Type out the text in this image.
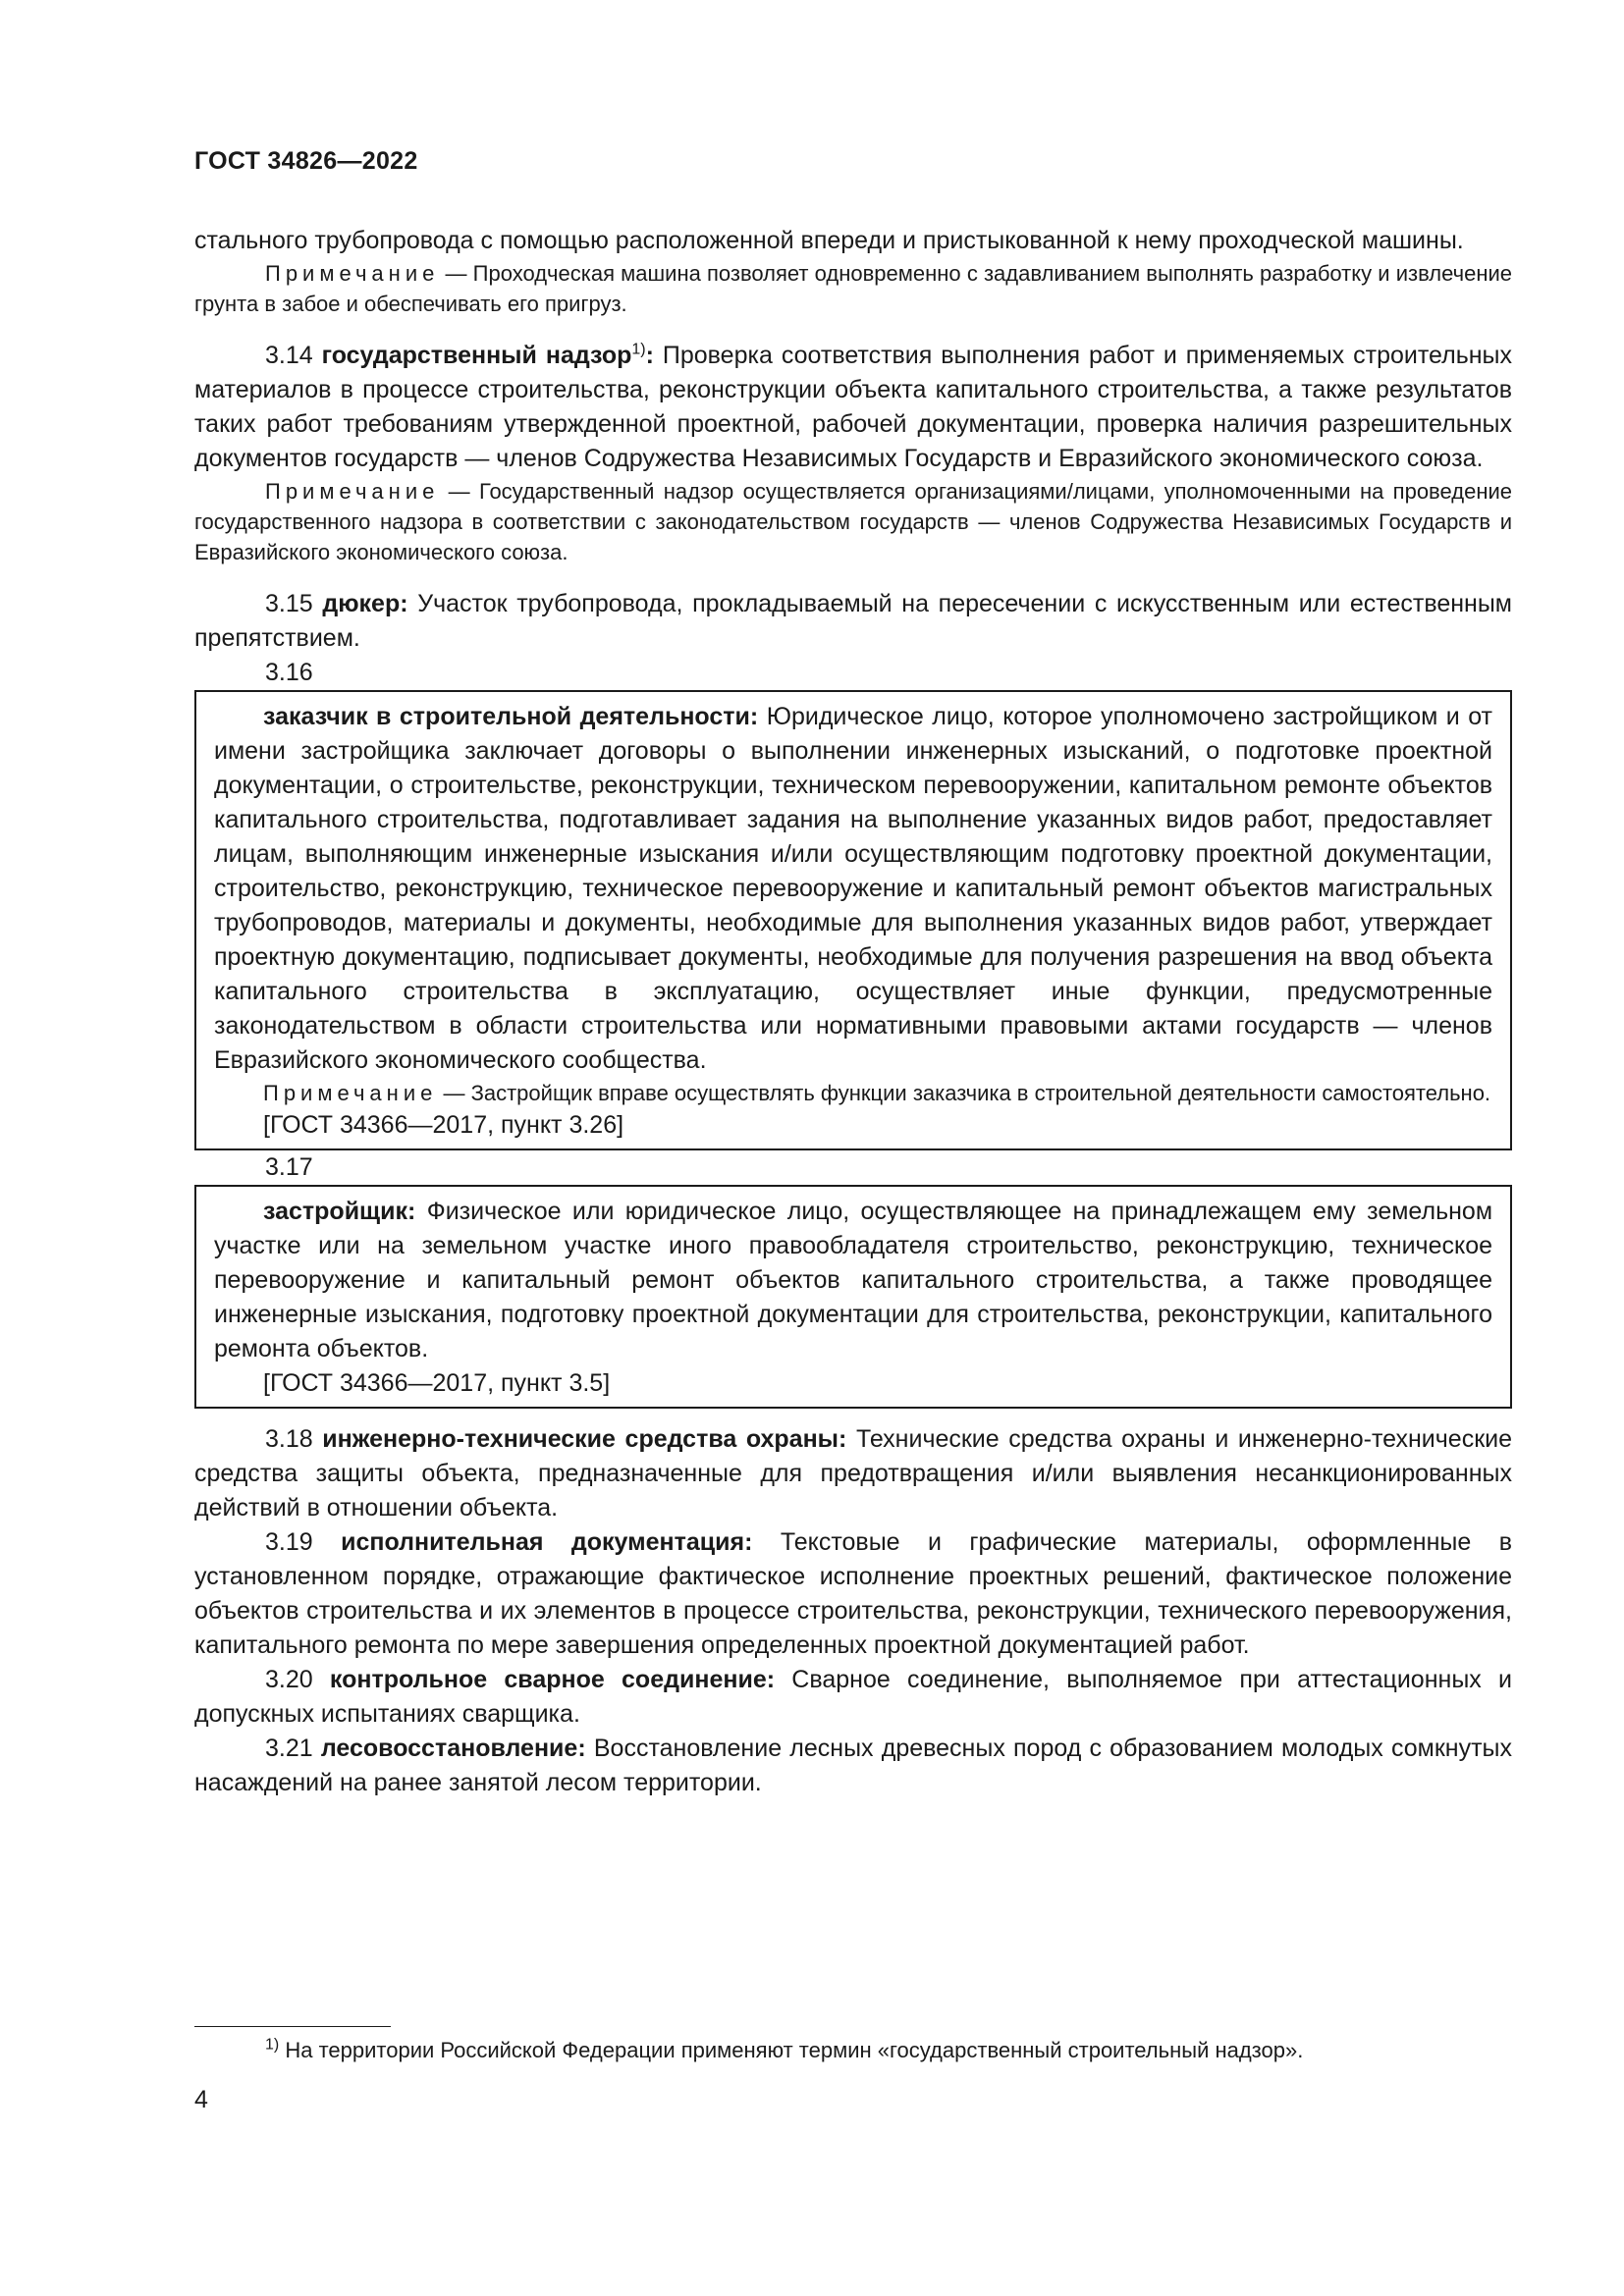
ГОСТ 34826—2022

стального трубопровода с помощью расположенной впереди и пристыкованной к нему проходческой машины.

Примечание — Проходческая машина позволяет одновременно с задавливанием выполнять разработку и извлечение грунта в забое и обеспечивать его пригруз.

3.14 государственный надзор$^{1)}$: Проверка соответствия выполнения работ и применяемых строительных материалов в процессе строительства, реконструкции объекта капитального строительства, а также результатов таких работ требованиям утвержденной проектной, рабочей документации, проверка наличия разрешительных документов государств — членов Содружества Независимых Государств и Евразийского экономического союза.

Примечание — Государственный надзор осуществляется организациями/лицами, уполномоченными на проведение государственного надзора в соответствии с законодательством государств — членов Содружества Независимых Государств и Евразийского экономического союза.

3.15 дюкер: Участок трубопровода, прокладываемый на пересечении с искусственным или естественным препятствием.

3.16

заказчик в строительной деятельности: Юридическое лицо, которое уполномочено застройщиком и от имени застройщика заключает договоры о выполнении инженерных изысканий, о подготовке проектной документации, о строительстве, реконструкции, техническом перевооружении, капитальном ремонте объектов капитального строительства, подготавливает задания на выполнение указанных видов работ, предоставляет лицам, выполняющим инженерные изыскания и/или осуществляющим подготовку проектной документации, строительство, реконструкцию, техническое перевооружение и капитальный ремонт объектов магистральных трубопроводов, материалы и документы, необходимые для выполнения указанных видов работ, утверждает проектную документацию, подписывает документы, необходимые для получения разрешения на ввод объекта капитального строительства в эксплуатацию, осуществляет иные функции, предусмотренные законодательством в области строительства или нормативными правовыми актами государств — членов Евразийского экономического сообщества.

Примечание — Застройщик вправе осуществлять функции заказчика в строительной деятельности самостоятельно.

[ГОСТ 34366—2017, пункт 3.26]

3.17

застройщик: Физическое или юридическое лицо, осуществляющее на принадлежащем ему земельном участке или на земельном участке иного правообладателя строительство, реконструкцию, техническое перевооружение и капитальный ремонт объектов капитального строительства, а также проводящее инженерные изыскания, подготовку проектной документации для строительства, реконструкции, капитального ремонта объектов.

[ГОСТ 34366—2017, пункт 3.5]

3.18 инженерно-технические средства охраны: Технические средства охраны и инженерно-технические средства защиты объекта, предназначенные для предотвращения и/или выявления несанкционированных действий в отношении объекта.

3.19 исполнительная документация: Текстовые и графические материалы, оформленные в установленном порядке, отражающие фактическое исполнение проектных решений, фактическое положение объектов строительства и их элементов в процессе строительства, реконструкции, технического перевооружения, капитального ремонта по мере завершения определенных проектной документацией работ.

3.20 контрольное сварное соединение: Сварное соединение, выполняемое при аттестационных и допускных испытаниях сварщика.

3.21 лесовосстановление: Восстановление лесных древесных пород с образованием молодых сомкнутых насаждений на ранее занятой лесом территории.

$^{1)}$ На территории Российской Федерации применяют термин «государственный строительный надзор».
4
